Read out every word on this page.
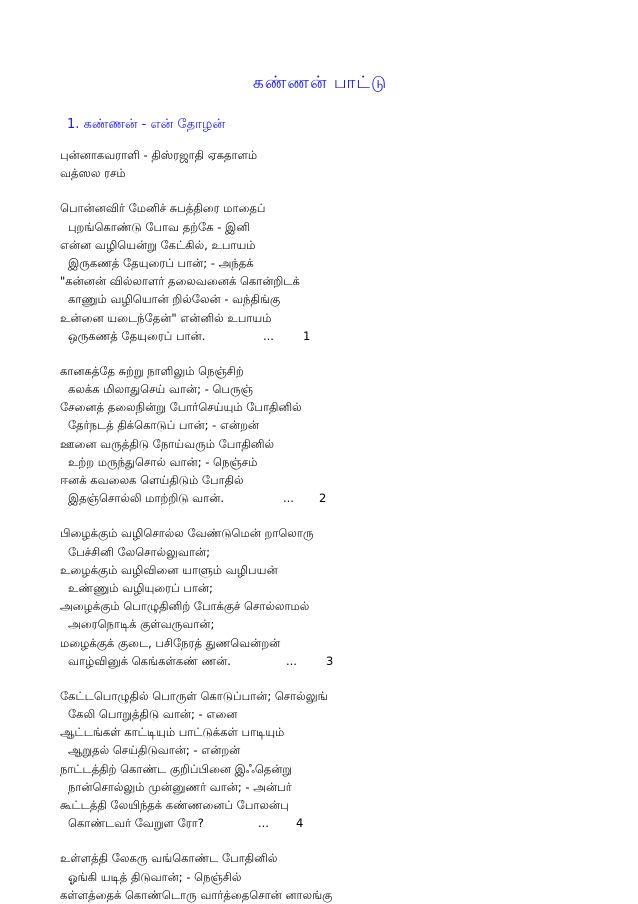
கண்ணன் பாட்டு
1. கண்ணன் - என் தோழன்
புன்னாகவராளி - திஸ்ரஜாதி ஏகதாளம்
வத்ஸல ரசம்
பொன்னவிர் மேனிச் சுபத்திரை மாதைப்
புறங்கொண்டு போவ தற்கே - இனி
என்ன வழியென்று கேட்கில், உபாயம்
இருகணத் தேயுரைப் பான்; - அந்தக்
"கன்னன் வில்லாளர் தலைவனைக் கொன்றிடக்
காணும் வழியொன் றில்லேன் - வந்திங்கு
உன்னை யடைந்தேன்" என்னில் உபாயம்
ஒருகணத் தேயுரைப் பான்.	...	1
கானகத்தே சுற்று நாளிலும் நெஞ்சிற்
கலக்க மிலாதுசெய் வான்; - பெருஞ்
சேனைத் தலைநின்று போர்செய்யும் போதினில்
தேர்நடத் திக்கொடுப் பான்; - என்றன்
ஊனை வருத்திடு நோய்வரும் போதினில்
உற்ற மருந்துசொல் வான்; - நெஞ்சம்
ஈனக் கவலைக ளெய்திடும் போதில்
இதஞ்சொல்லி மாற்றிடு வான்.	... 2
பிழைக்கும் வழிசொல்ல வேண்டுமென் றாலொரு
பேச்சினி லேசொல்லுவான்;
உழைக்கும் வழிவினை யாளும் வழிபயன்
உண்ணும் வழியுரைப் பான்;
அழைக்கும் பொழுதினிற் போக்குச் சொல்லாமல்
அரைநொடிக் குள்வருவான்;
மழைக்குக் குடை, பசிநேரத் துணவென்றன்
வாழ்வினுக் கெங்கள்கண் ணன்.	...	3
கேட்டபொழுதில் பொருள் கொடுப்பான்; சொல்லுங்
கேலி பொறுத்திடு வான்; - எனை
ஆட்டங்கள் காட்டியும் பாட்டுக்கள் பாடியும்
ஆறுதல் செய்திடுவான்; - என்றன்
நாட்டத்திற் கொண்ட குறிப்பினை இஃதென்று
நான்சொல்லும் முன்னுணர் வான்; - அன்பர்
கூட்டத்தி லேயிந்தக் கண்ணனைப் போலன்பு
கொண்டவர் வேறுள ரோ?	... 4
உள்ளத்தி லேகரு வங்கொண்ட போதினில்
ஓங்கி யடித் திடுவான்; - நெஞ்சில்
கள்ளத்தைக் கொண்டொரு வார்த்தைசொன் னாலங்கு
